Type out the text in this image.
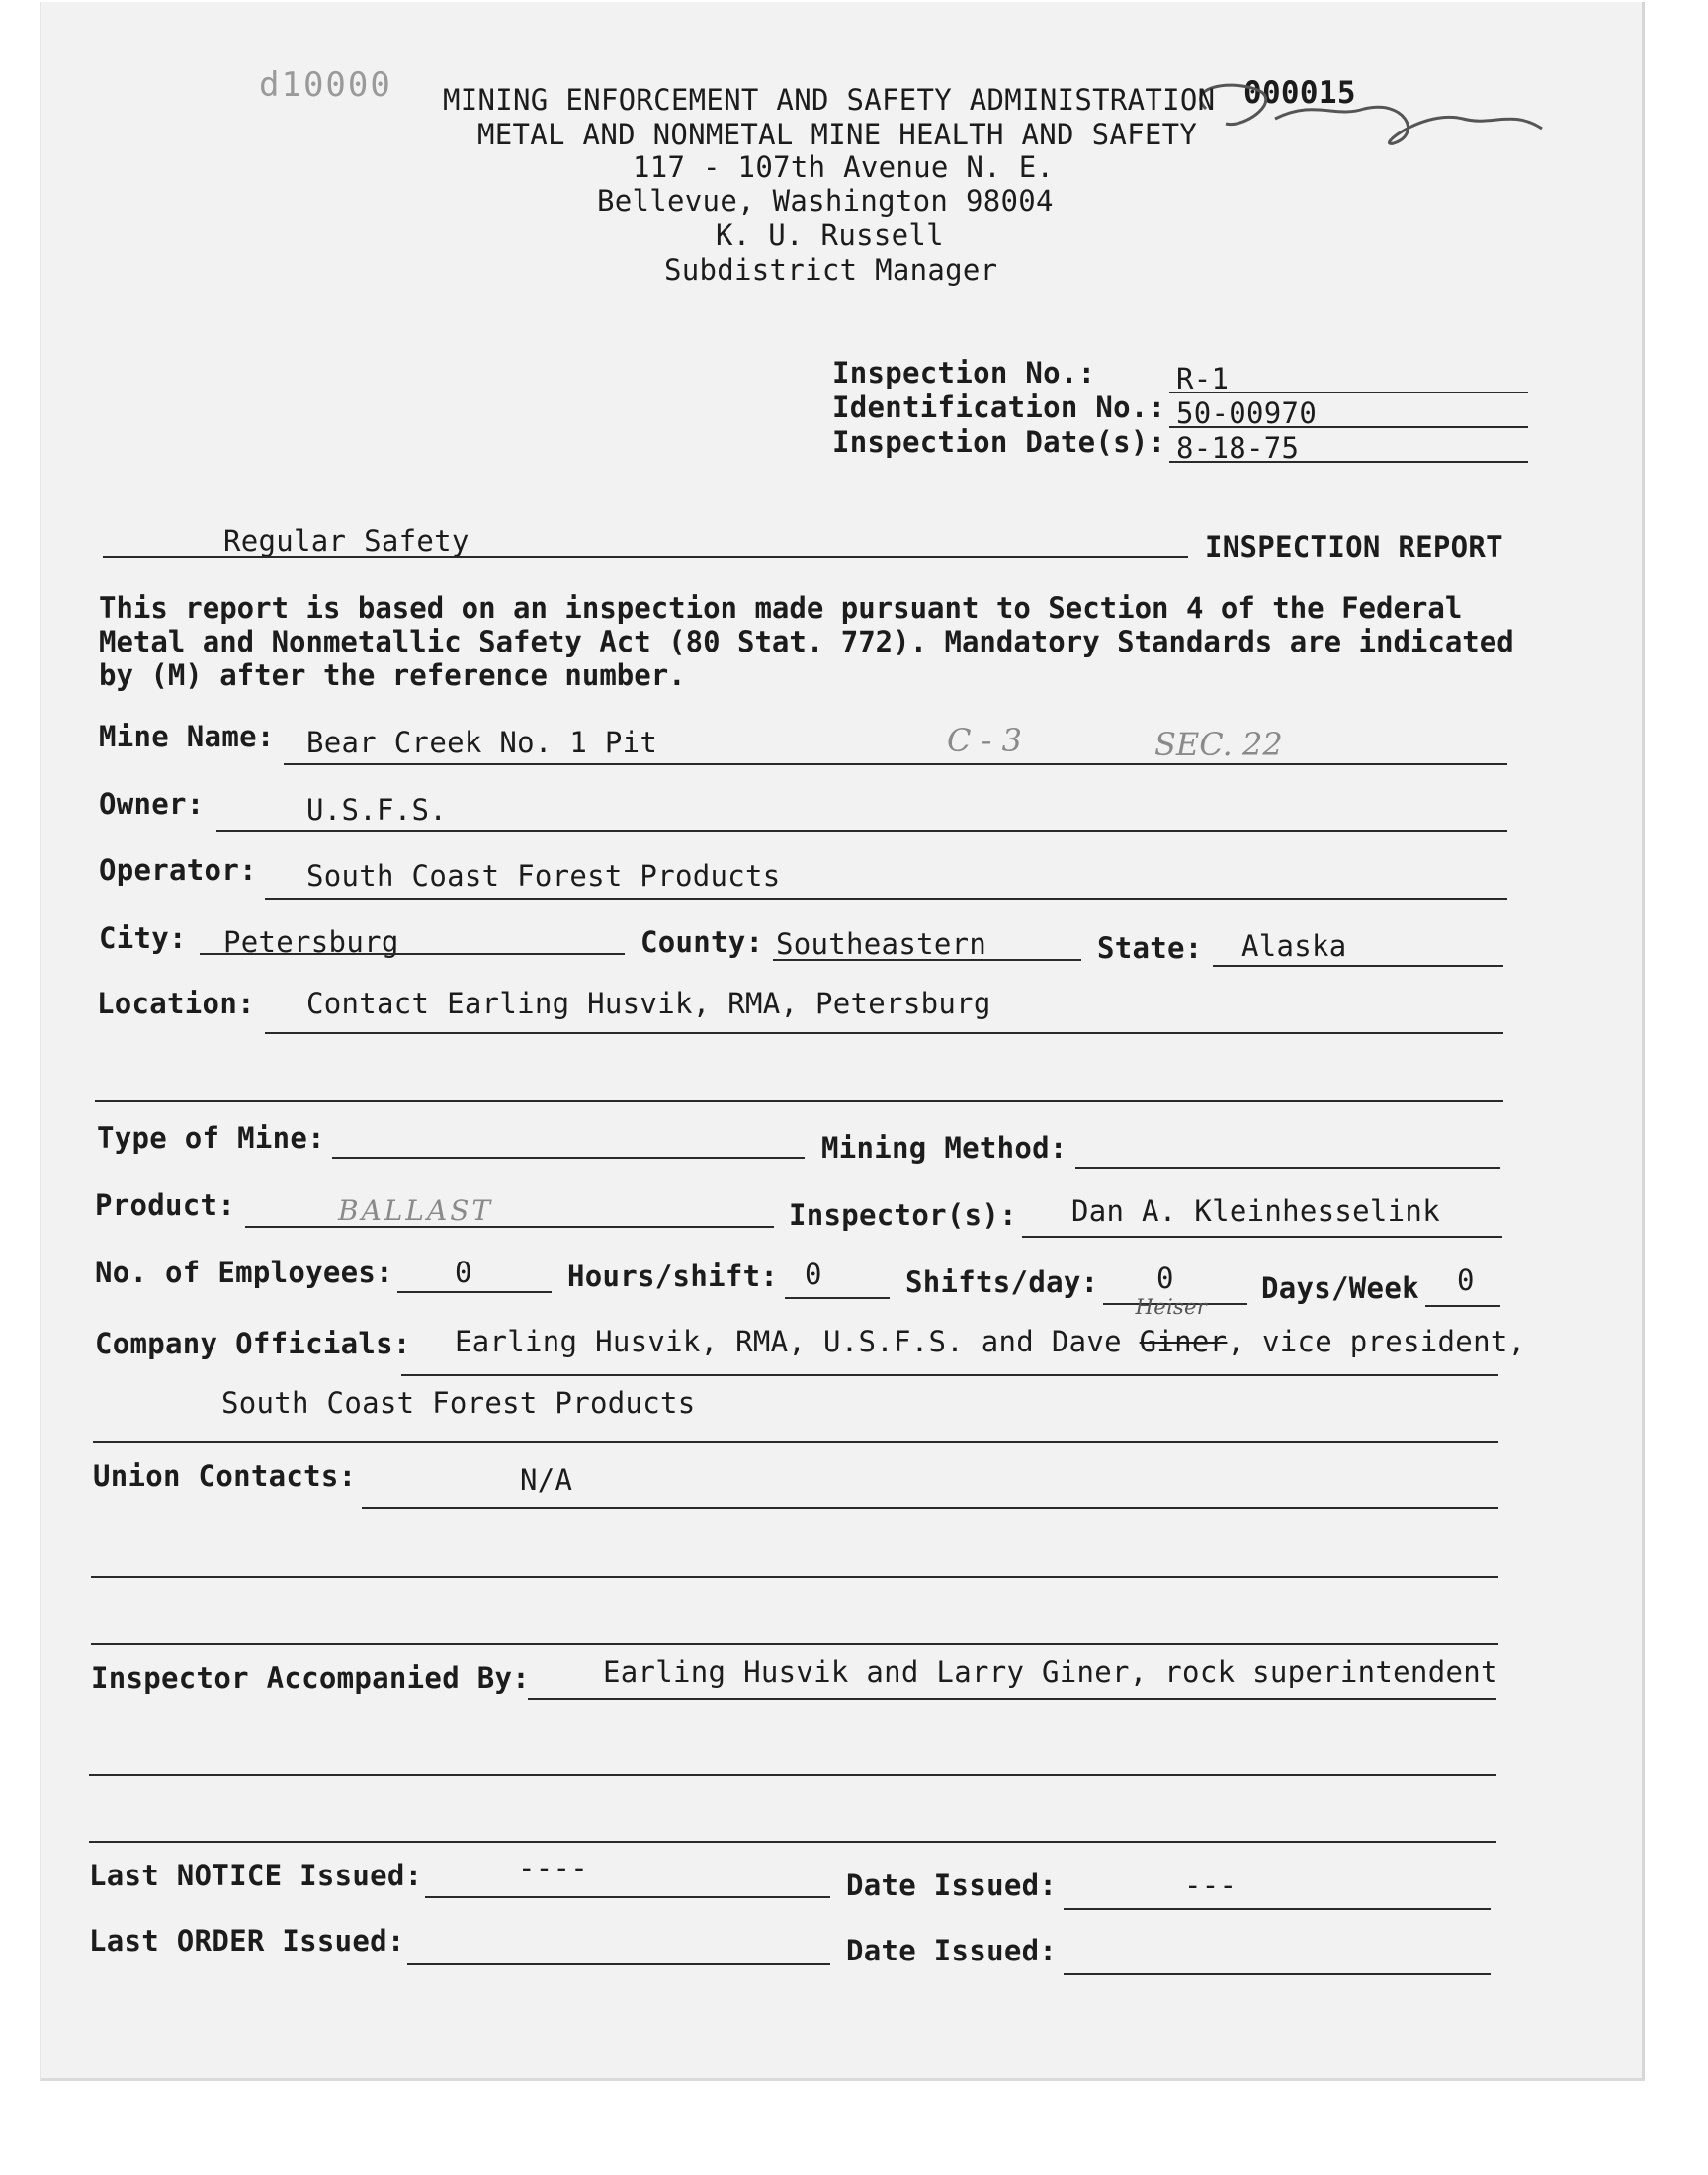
d10000	000015
MINING ENFORCEMENT AND SAFETY ADMINISTRATION
METAL AND NONMETAL MINE HEALTH AND SAFETY
117 - 107th Avenue N. E.
Bellevue, Washington 98004
K. U. Russell
Subdistrict Manager
Inspection No.:	R-1
Identification No.: 50-00970
Inspection Date(s): 8-18-75
Regular Safety	INSPECTION REPORT
This report is based on an inspection made pursuant to Section 4 of the Federal
Metal and Nonmetallic Safety Act (80 Stat. 772). Mandatory Standards are indicated
by (M) after the reference number.
Mine Name: Bear Creek No. 1 Pit	C - 3	SEC. 22
Owner:	U.S.F.S.
Operator: South Coast Forest Products
City: Petersburg	County: Southeastern	State: Alaska
Location: Contact Earling Husvik, RMA, Petersburg
Type of Mine:	Mining Method:
Product:	BALLAST	Inspector(s): Dan A. Kleinhesselink
No. of Employees: 0	Hours/shift: 0	Shifts/day: 0	Days/Week 0
Company Officials: Earling Husvik, RMA, U.S.F.S. and Dave Giner
Heiser
, vice president,
South Coast Forest Products
Union Contacts:	N/A
Inspector Accompanied By:	Earling Husvik and Larry Giner, rock superintendent
Last NOTICE Issued:	----
Date Issued:	---
Last ORDER Issued:	Date Issued:
